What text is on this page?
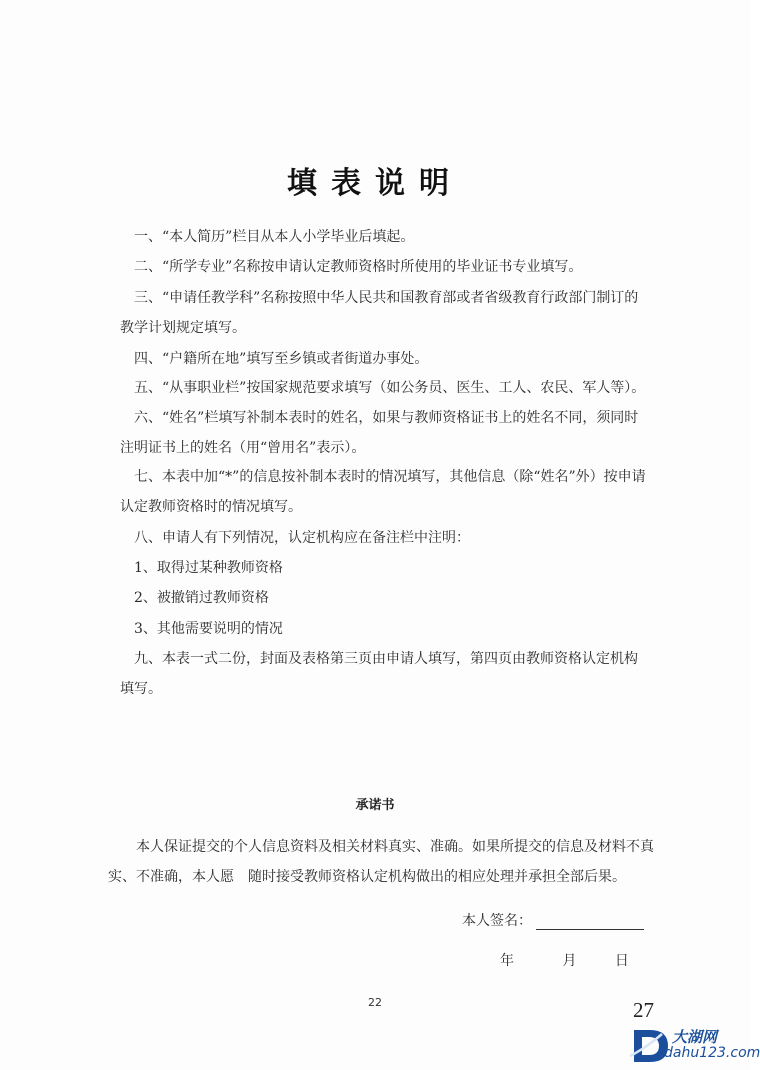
填表说明
一、“本人简历”栏目从本人小学毕业后填起。
二、“所学专业”名称按申请认定教师资格时所使用的毕业证书专业填写。
三、“申请任教学科”名称按照中华人民共和国教育部或者省级教育行政部门制订的教学计划规定填写。
四、“户籍所在地”填写至乡镇或者街道办事处。
五、“从事职业栏”按国家规范要求填写（如公务员、医生、工人、农民、军人等）。
六、“姓名”栏填写补制本表时的姓名，如果与教师资格证书上的姓名不同，须同时注明证书上的姓名（用“曾用名”表示）。
七、本表中加“*”的信息按补制本表时的情况填写，其他信息（除“姓名”外）按申请认定教师资格时的情况填写。
八、申请人有下列情况，认定机构应在备注栏中注明：
1、取得过某种教师资格
2、被撤销过教师资格
3、其他需要说明的情况
九、本表一式二份，封面及表格第三页由申请人填写，第四页由教师资格认定机构填写。
承诺书
本人保证提交的个人信息资料及相关材料真实、准确。如果所提交的信息及材料不真实、不准确，本人愿　随时接受教师资格认定机构做出的相应处理并承担全部后果。
本人签名：
年	月	日
22	27
大湖网
dahu123.com
